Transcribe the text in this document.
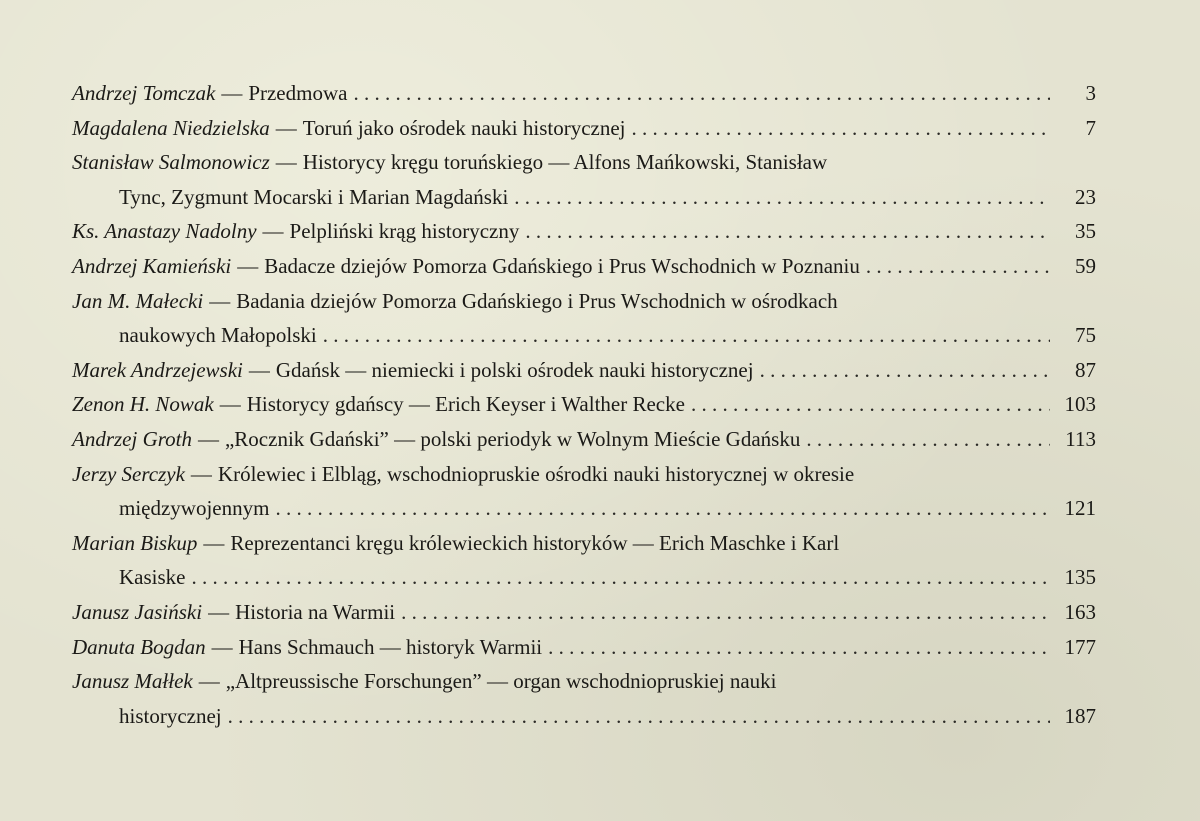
Andrzej Tomczak — Przedmowa . . .	3
Magdalena Niedzielska — Toruń jako ośrodek nauki historycznej . . .	7
Stanisław Salmonowicz — Historycy kręgu toruńskiego — Alfons Mańkowski, Stanisław
Tync, Zygmunt Mocarski i Marian Magdański . . .	23
Ks. Anastazy Nadolny — Pelpliński krąg historyczny . . .	35
Andrzej Kamieński — Badacze dziejów Pomorza Gdańskiego i Prus Wschodnich w Poznaniu . . .	59
Jan M. Małecki — Badania dziejów Pomorza Gdańskiego i Prus Wschodnich w ośrodkach
naukowych Małopolski . . .	75
Marek Andrzejewski — Gdańsk — niemiecki i polski ośrodek nauki historycznej . . .	87
Zenon H. Nowak — Historycy gdańscy — Erich Keyser i Walther Recke . . .	103
Andrzej Groth — „Rocznik Gdański” — polski periodyk w Wolnym Mieście Gdańsku . . .	113
Jerzy Serczyk — Królewiec i Elbląg, wschodniopruskie ośrodki nauki historycznej w okresie
międzywojennym . . .	121
Marian Biskup — Reprezentanci kręgu królewieckich historyków — Erich Maschke i Karl
Kasiske . . .	135
Janusz Jasiński — Historia na Warmii . . .	163
Danuta Bogdan — Hans Schmauch — historyk Warmii . . .	177
Janusz Małłek — „Altpreussische Forschungen” — organ wschodniopruskiej nauki
historycznej . . .	187
